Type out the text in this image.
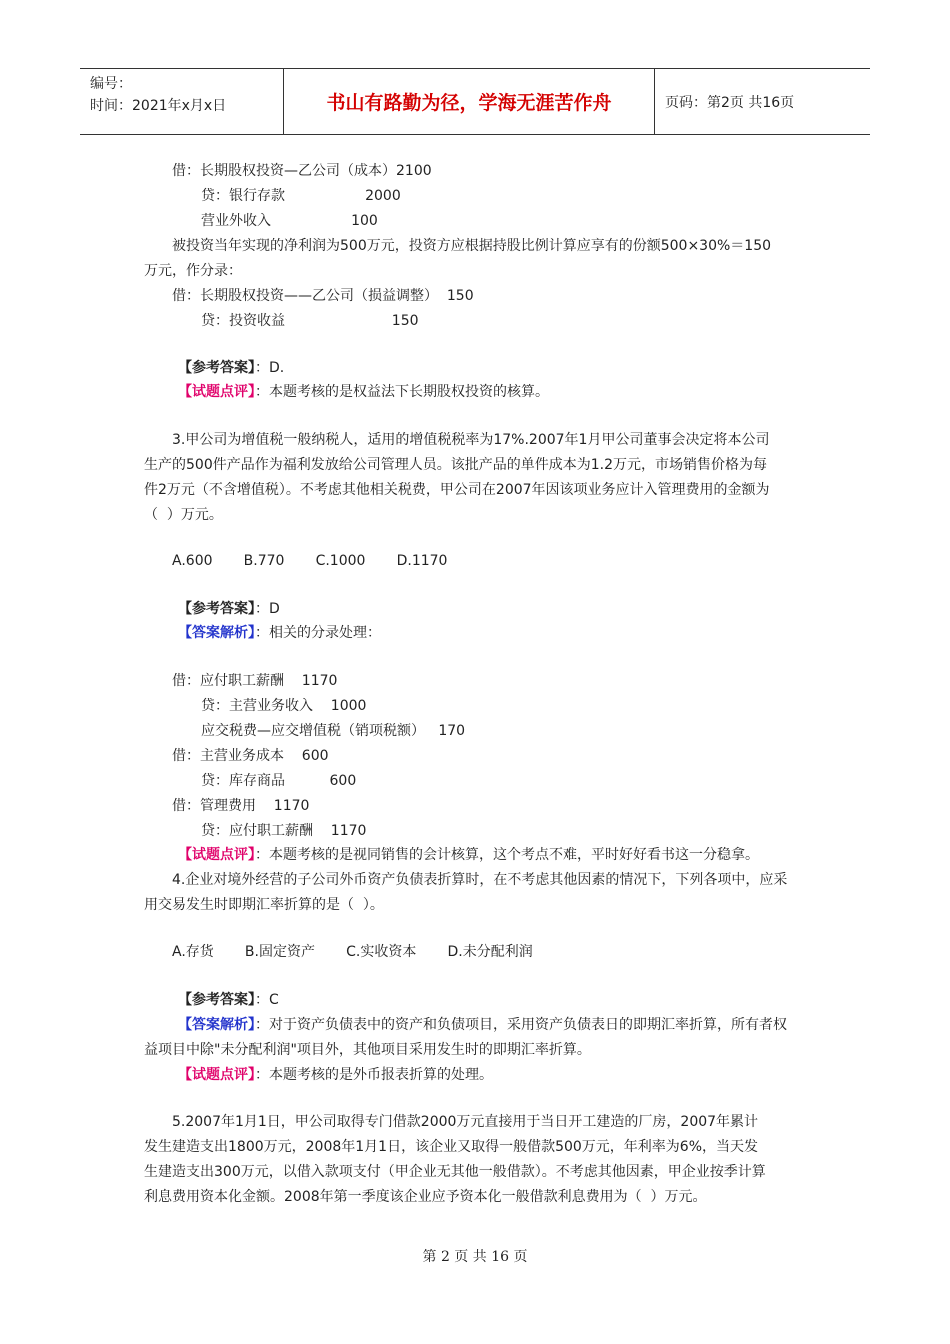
编号：
时间：2021年x月x日	书山有路勤为径，学海无涯苦作舟	页码：第2页 共16页
借：长期股权投资—乙公司（成本）2100
贷：银行存款                  2000
营业外收入                  100
被投资当年实现的净利润为500万元，投资方应根据持股比例计算应享有的份额500×30%＝150
万元，作分录：
借：长期股权投资——乙公司（损益调整）  150
贷：投资收益                        150
【参考答案】：D.
【试题点评】：本题考核的是权益法下长期股权投资的核算。
3.甲公司为增值税一般纳税人，适用的增值税税率为17%.2007年1月甲公司董事会决定将本公司
生产的500件产品作为福利发放给公司管理人员。该批产品的单件成本为1.2万元，市场销售价格为每
件2万元（不含增值税）。不考虑其他相关税费，甲公司在2007年因该项业务应计入管理费用的金额为
（  ）万元。
A.600       B.770       C.1000       D.1170
【参考答案】：D
【答案解析】：相关的分录处理：
借：应付职工薪酬    1170
贷：主营业务收入    1000
应交税费—应交增值税（销项税额）   170
借：主营业务成本    600
贷：库存商品          600
借：管理费用    1170
贷：应付职工薪酬    1170
【试题点评】：本题考核的是视同销售的会计核算，这个考点不难，平时好好看书这一分稳拿。
4.企业对境外经营的子公司外币资产负债表折算时，在不考虑其他因素的情况下，下列各项中，应采
用交易发生时即期汇率折算的是（  ）。
A.存货       B.固定资产       C.实收资本       D.未分配利润
【参考答案】：C
【答案解析】：对于资产负债表中的资产和负债项目，采用资产负债表日的即期汇率折算，所有者权
益项目中除"未分配利润"项目外，其他项目采用发生时的即期汇率折算。
【试题点评】：本题考核的是外币报表折算的处理。
5.2007年1月1日，甲公司取得专门借款2000万元直接用于当日开工建造的厂房，2007年累计
发生建造支出1800万元，2008年1月1日，该企业又取得一般借款500万元，年利率为6%，当天发
生建造支出300万元，以借入款项支付（甲企业无其他一般借款）。不考虑其他因素，甲企业按季计算
利息费用资本化金额。2008年第一季度该企业应予资本化一般借款利息费用为（  ）万元。
第 2 页 共 16 页
